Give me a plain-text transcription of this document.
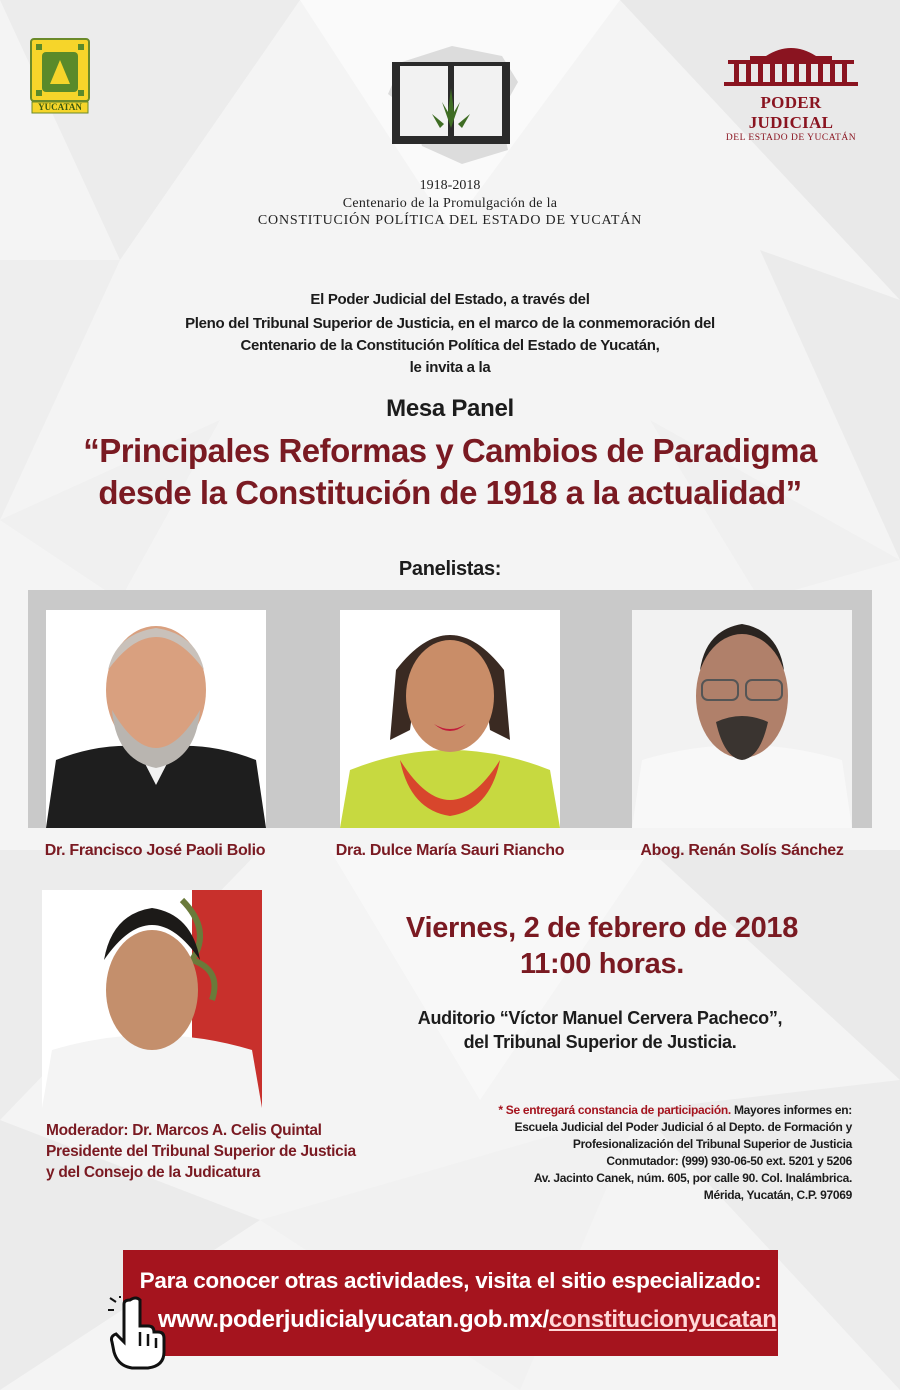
YUCATAN	PODER JUDICIAL
DEL ESTADO DE YUCATÁN
1918-2018
Centenario de la Promulgación de la
CONSTITUCIÓN POLÍTICA DEL ESTADO DE YUCATÁN
El Poder Judicial del Estado, a través del
Pleno del Tribunal Superior de Justicia, en el marco de la conmemoración del
Centenario de la Constitución Política del Estado de Yucatán,
le invita a la
Mesa Panel
“Principales Reformas y Cambios de Paradigma
desde la Constitución de 1918 a la actualidad”
Panelistas:
Dr. Francisco José Paoli Bolio	Dra. Dulce María Sauri Riancho	Abog. Renán Solís Sánchez
Moderador: Dr. Marcos A. Celis Quintal
Presidente del Tribunal Superior de Justicia
y del Consejo de la Judicatura
Viernes, 2 de febrero de 2018
11:00 horas.
Auditorio “Víctor Manuel Cervera Pacheco”,
del Tribunal Superior de Justicia.
* Se entregará constancia de participación. Mayores informes en:
Escuela Judicial del Poder Judicial ó al Depto. de Formación y
Profesionalización del Tribunal Superior de Justicia
Conmutador: (999) 930-06-50 ext. 5201 y 5206
Av. Jacinto Canek, núm. 605, por calle 90. Col. Inalámbrica.
Mérida, Yucatán, C.P. 97069
Para conocer otras actividades, visita el sitio especializado:
www.poderjudicialyucatan.gob.mx/constitucionyucatan
